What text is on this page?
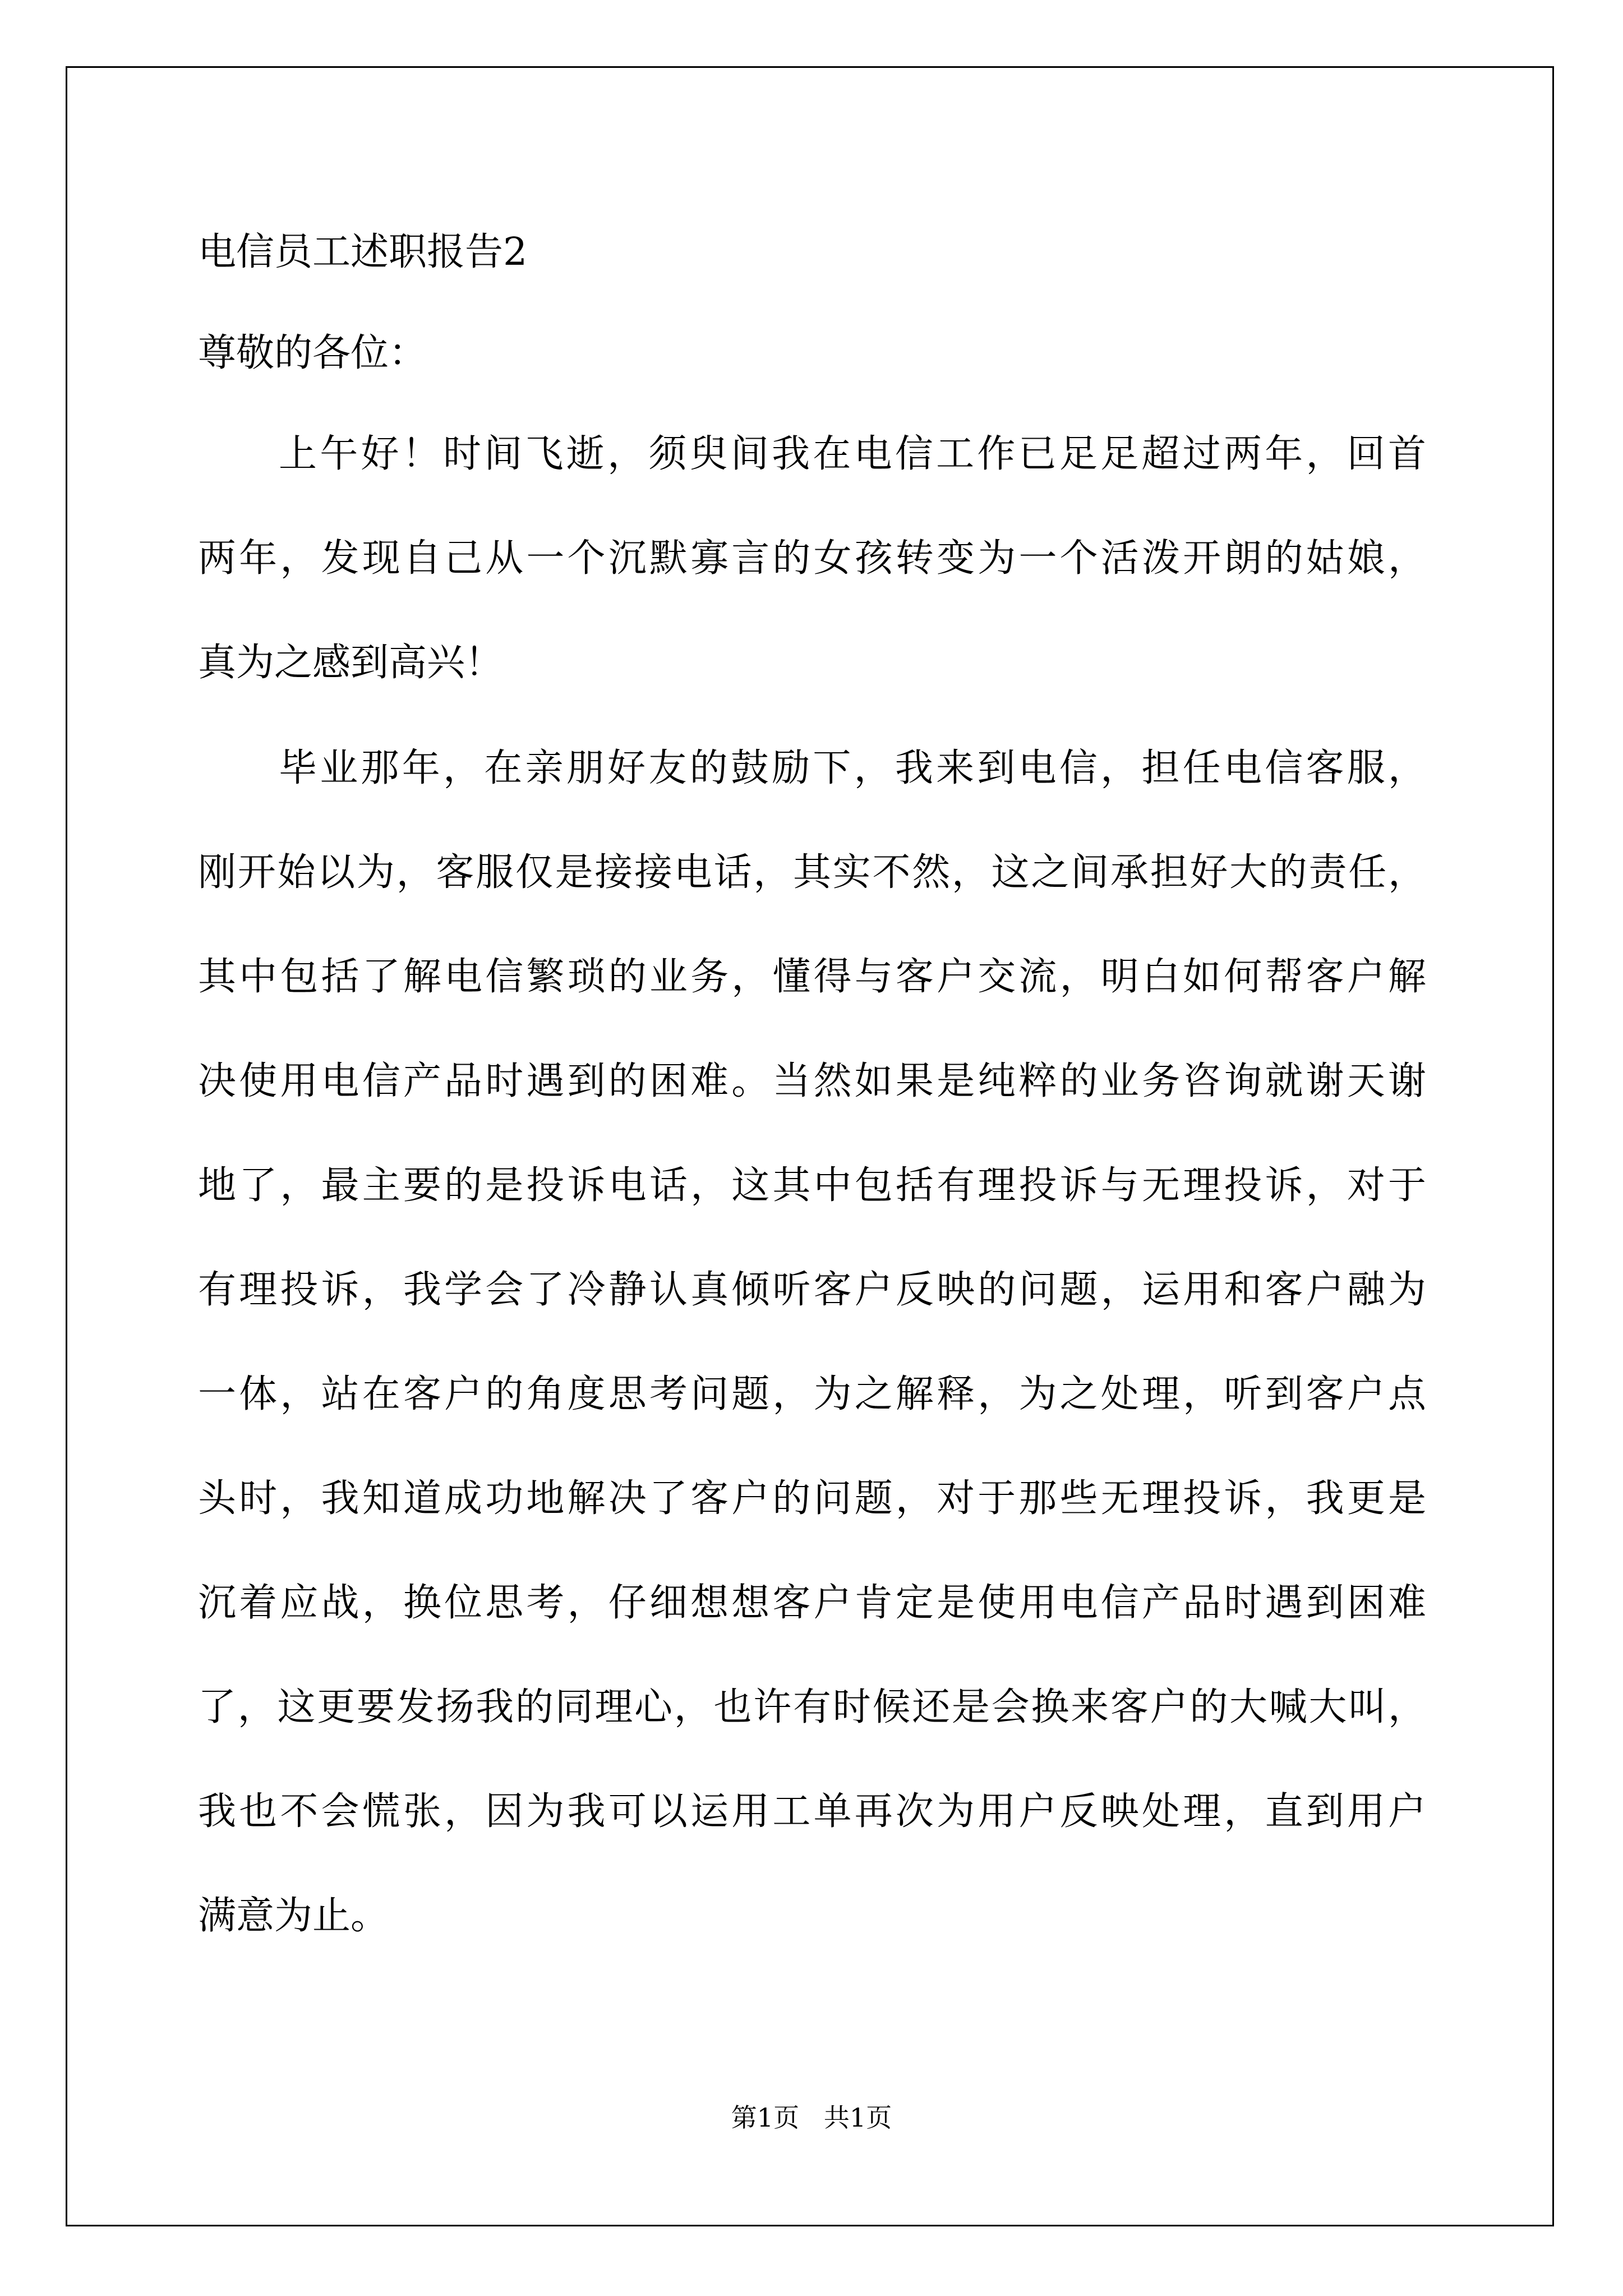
电信员工述职报告2
尊敬的各位：
上午好！时间飞逝，须臾间我在电信工作已足足超过两年，回首
两年，发现自己从一个沉默寡言的女孩转变为一个活泼开朗的姑娘，
真为之感到高兴！
毕业那年，在亲朋好友的鼓励下，我来到电信，担任电信客服，
刚开始以为，客服仅是接接电话，其实不然，这之间承担好大的责任，
其中包括了解电信繁琐的业务，懂得与客户交流，明白如何帮客户解
决使用电信产品时遇到的困难。当然如果是纯粹的业务咨询就谢天谢
地了，最主要的是投诉电话，这其中包括有理投诉与无理投诉，对于
有理投诉，我学会了冷静认真倾听客户反映的问题，运用和客户融为
一体，站在客户的角度思考问题，为之解释，为之处理，听到客户点
头时，我知道成功地解决了客户的问题，对于那些无理投诉，我更是
沉着应战，换位思考，仔细想想客户肯定是使用电信产品时遇到困难
了，这更要发扬我的同理心，也许有时候还是会换来客户的大喊大叫，
我也不会慌张，因为我可以运用工单再次为用户反映处理，直到用户
满意为止。
第1页   共1页
